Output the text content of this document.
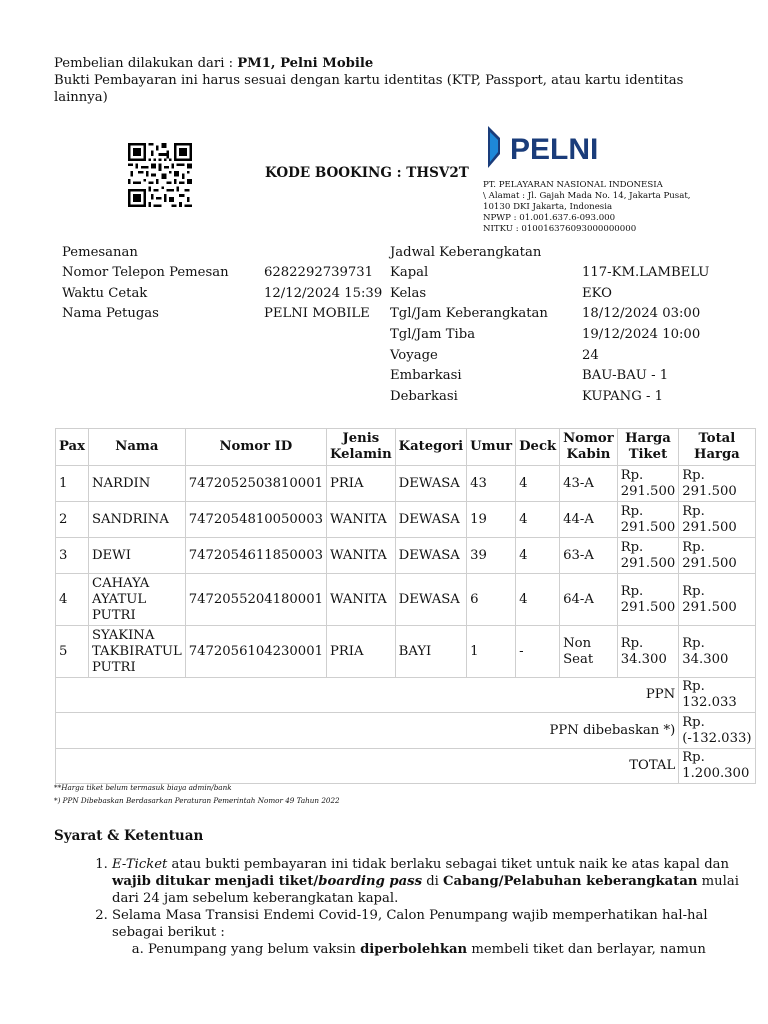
Pembelian dilakukan dari : PM1, Pelni Mobile
Bukti Pembayaran ini harus sesuai dengan kartu identitas (KTP, Passport, atau kartu identitas lainnya)
KODE BOOKING : THSV2T
PELNI
PT. PELAYARAN NASIONAL INDONESIA
\ Alamat : Jl. Gajah Mada No. 14, Jakarta Pusat,
10130 DKI Jakarta, Indonesia
NPWP : 01.001.637.6-093.000
NITKU : 010016376093000000000
Pemesanan
Nomor Telepon Pemesan	6282292739731
Waktu Cetak	12/12/2024 15:39
Nama Petugas	PELNI MOBILE
Jadwal Keberangkatan
Kapal	117-KM.LAMBELU
Kelas	EKO
Tgl/Jam Keberangkatan	18/12/2024 03:00
Tgl/Jam Tiba	19/12/2024 10:00
Voyage	24
Embarkasi	BAU-BAU - 1
Debarkasi	KUPANG - 1
Pax	Nama	Nomor ID	Jenis Kelamin	Kategori	Umur	Deck	Nomor Kabin	Harga Tiket	Total Harga
1	NARDIN	7472052503810001	PRIA	DEWASA	43	4	43-A	Rp. 291.500	Rp. 291.500
2	SANDRINA	7472054810050003	WANITA	DEWASA	19	4	44-A	Rp. 291.500	Rp. 291.500
3	DEWI	7472054611850003	WANITA	DEWASA	39	4	63-A	Rp. 291.500	Rp. 291.500
4	CAHAYA AYATUL PUTRI	7472055204180001	WANITA	DEWASA	6	4	64-A	Rp. 291.500	Rp. 291.500
5	SYAKINA TAKBIRATUL PUTRI	7472056104230001	PRIA	BAYI	1	-	Non Seat	Rp. 34.300	Rp. 34.300
PPN									Rp. 132.033
PPN dibebaskan *)									Rp. (-132.033)
TOTAL									Rp. 1.200.300
**Harga tiket belum termasuk biaya admin/bank
*) PPN Dibebaskan Berdasarkan Peraturan Pemerintah Nomor 49 Tahun 2022
Syarat & Ketentuan
1. E-Ticket atau bukti pembayaran ini tidak berlaku sebagai tiket untuk naik ke atas kapal dan wajib ditukar menjadi tiket/boarding pass di Cabang/Pelabuhan keberangkatan mulai dari 24 jam sebelum keberangkatan kapal.
2. Selama Masa Transisi Endemi Covid-19, Calon Penumpang wajib memperhatikan hal-hal sebagai berikut :
a. Penumpang yang belum vaksin diperbolehkan membeli tiket dan berlayar, namun
